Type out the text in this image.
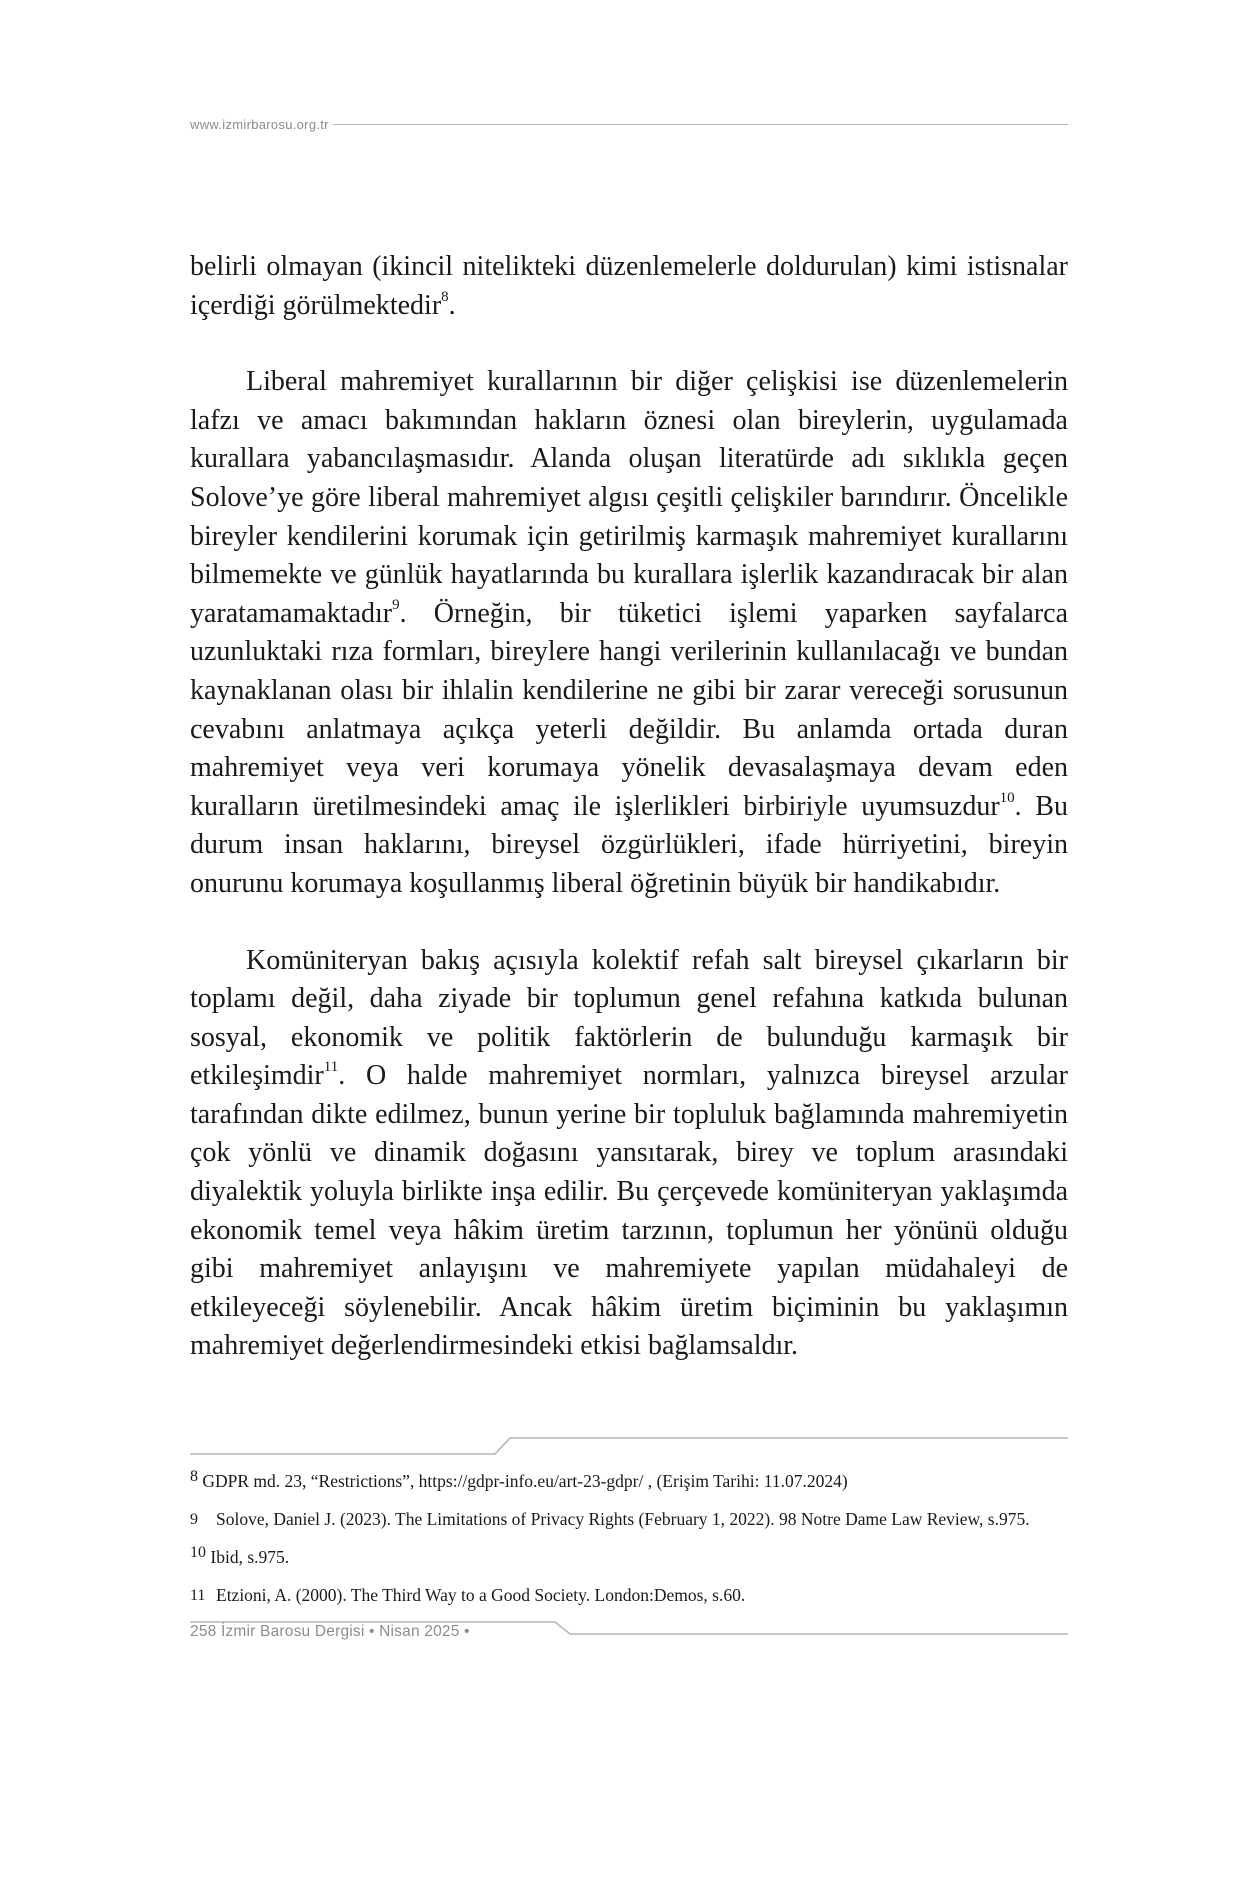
www.izmirbarosu.org.tr

belirli olmayan (ikincil nitelikteki düzenlemelerle doldurulan) kimi istisnalar içerdiği görülmektedir$^8$.

Liberal mahremiyet kurallarının bir diğer çelişkisi ise düzenlemelerin lafzı ve amacı bakımından hakların öznesi olan bireylerin, uygulamada kurallara yabancılaşmasıdır. Alanda oluşan literatürde adı sıklıkla geçen Solove’ye göre liberal mahremiyet algısı çeşitli çelişkiler barındırır. Öncelikle bireyler kendilerini korumak için getirilmiş karmaşık mahremiyet kurallarını bilmemekte ve günlük hayatlarında bu kurallara işlerlik kazandıracak bir alan yaratamamaktadır$^9$. Örneğin, bir tüketici işlemi yaparken sayfalarca uzunluktaki rıza formları, bireylere hangi verilerinin kullanılacağı ve bundan kaynaklanan olası bir ihlalin kendilerine ne gibi bir zarar vereceği sorusunun cevabını anlatmaya açıkça yeterli değildir. Bu anlamda ortada duran mahremiyet veya veri korumaya yönelik devasalaşmaya devam eden kuralların üretilmesindeki amaç ile işlerlikleri birbiriyle uyumsuzdur$^{10}$. Bu durum insan haklarını, bireysel özgürlükleri, ifade hürriyetini, bireyin onurunu korumaya koşullanmış liberal öğretinin büyük bir handikabıdır.

Komüniteryan bakış açısıyla kolektif refah salt bireysel çıkarların bir toplamı değil, daha ziyade bir toplumun genel refahına katkıda bulunan sosyal, ekonomik ve politik faktörlerin de bulunduğu karmaşık bir etkileşimdir$^{11}$. O halde mahremiyet normları, yalnızca bireysel arzular tarafından dikte edilmez, bunun yerine bir topluluk bağlamında mahremiyetin çok yönlü ve dinamik doğasını yansıtarak, birey ve toplum arasındaki diyalektik yoluyla birlikte inşa edilir. Bu çerçevede komüniteryan yaklaşımda ekonomik temel veya hâkim üretim tarzının, toplumun her yönünü olduğu gibi mahremiyet anlayışını ve mahremiyete yapılan müdahaleyi de etkileyeceği söylenebilir. Ancak hâkim üretim biçiminin bu yaklaşımın mahremiyet değerlendirmesindeki etkisi bağlamsaldır.

8 GDPR md. 23, “Restrictions”, https://gdpr-info.eu/art-23-gdpr/ , (Erişim Tarihi: 11.07.2024)
9 Solove, Daniel J. (2023). The Limitations of Privacy Rights (February 1, 2022). 98 Notre Dame Law Review, s.975.
10 Ibid, s.975.
11 Etzioni, A. (2000). The Third Way to a Good Society. London:Demos, s.60.
258 İzmir Barosu Dergisi • Nisan 2025 •
